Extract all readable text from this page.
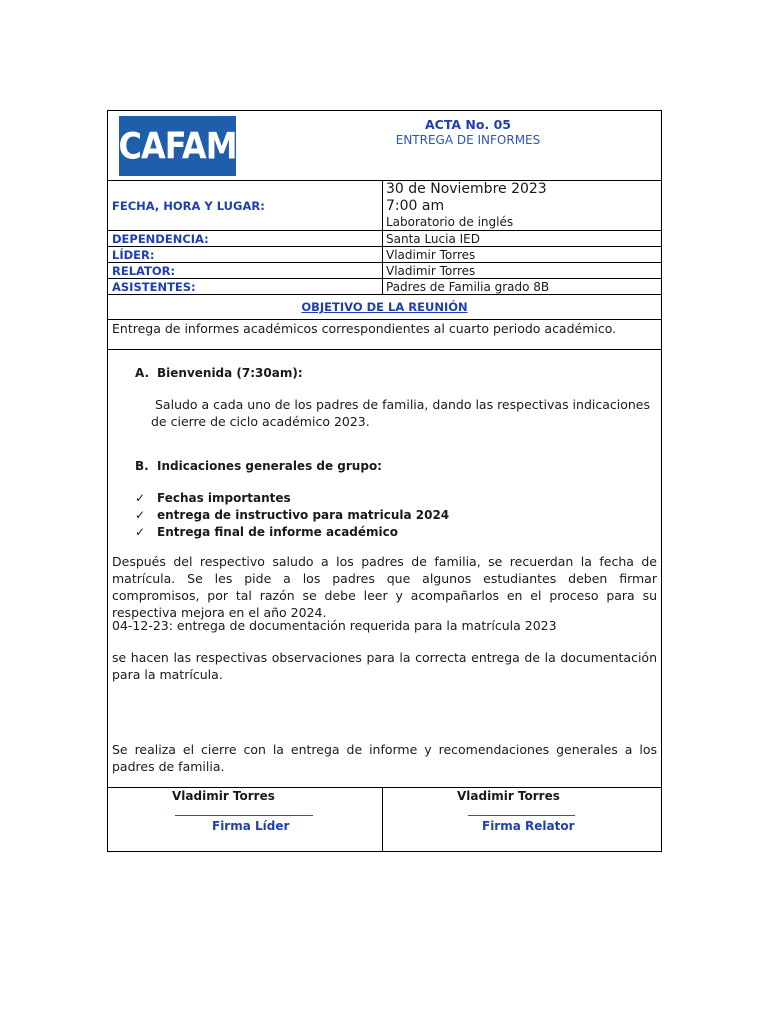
CAFAM	ACTA No. 05
ENTREGA DE INFORMES
FECHA, HORA Y LUGAR:
30 de Noviembre 2023
7:00 am
Laboratorio de inglés
DEPENDENCIA:	Santa Lucia IED
LÍDER:	Vladimir Torres
RELATOR:	Vladimir Torres
ASISTENTES:	Padres de Familia grado 8B
OBJETIVO DE LA REUNIÓN
Entrega de informes académicos correspondientes al cuarto periodo académico.
A. Bienvenida (7:30am):
Saludo a cada uno de los padres de familia, dando las respectivas indicaciones
de cierre de ciclo académico 2023.
B. Indicaciones generales de grupo:
✓ Fechas importantes
✓ entrega de instructivo para matricula 2024
✓ Entrega final de informe académico
Después del respectivo saludo a los padres de familia, se recuerdan la fecha de matrícula. Se les pide a los padres que algunos estudiantes deben firmar compromisos, por tal razón se debe leer y acompañarlos en el proceso para su respectiva mejora en el año 2024.
04-12-23: entrega de documentación requerida para la matrícula 2023
se hacen las respectivas observaciones para la correcta entrega de la documentación para la matrícula.
Se realiza el cierre con la entrega de informe y recomendaciones generales a los padres de familia.
Vladimir Torres
Firma Líder
Vladimir Torres
Firma Relator
